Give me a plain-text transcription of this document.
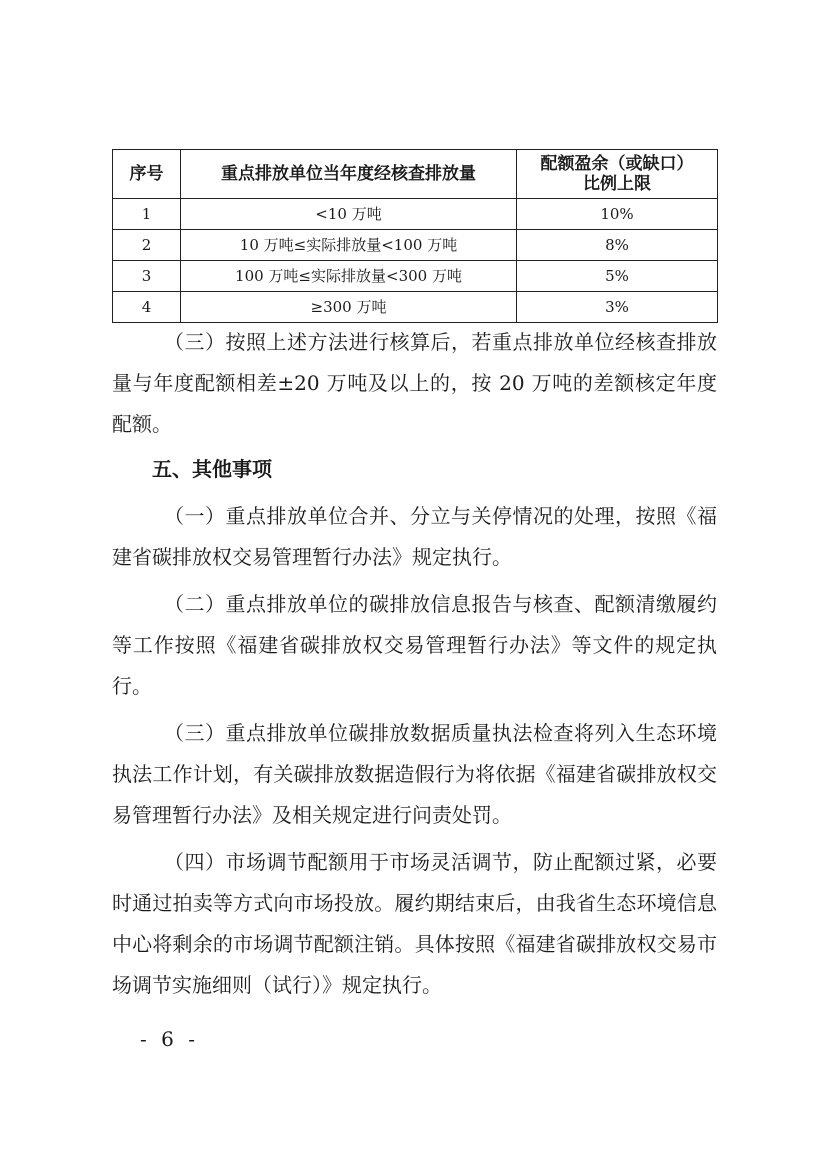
序号	重点排放单位当年度经核查排放量	配额盈余（或缺口）
比例上限
1	<10 万吨	10%
2	10 万吨≤实际排放量<100 万吨	8%
3	100 万吨≤实际排放量<300 万吨	5%
4	≥300 万吨	3%

（三）按照上述方法进行核算后，若重点排放单位经核查排放量与年度配额相差±20 万吨及以上的，按 20 万吨的差额核定年度配额。

五、其他事项

（一）重点排放单位合并、分立与关停情况的处理，按照《福建省碳排放权交易管理暂行办法》规定执行。

（二）重点排放单位的碳排放信息报告与核查、配额清缴履约等工作按照《福建省碳排放权交易管理暂行办法》等文件的规定执行。

（三）重点排放单位碳排放数据质量执法检查将列入生态环境执法工作计划，有关碳排放数据造假行为将依据《福建省碳排放权交易管理暂行办法》及相关规定进行问责处罚。

（四）市场调节配额用于市场灵活调节，防止配额过紧，必要时通过拍卖等方式向市场投放。履约期结束后，由我省生态环境信息中心将剩余的市场调节配额注销。具体按照《福建省碳排放权交易市场调节实施细则（试行）》规定执行。

- 6 -
